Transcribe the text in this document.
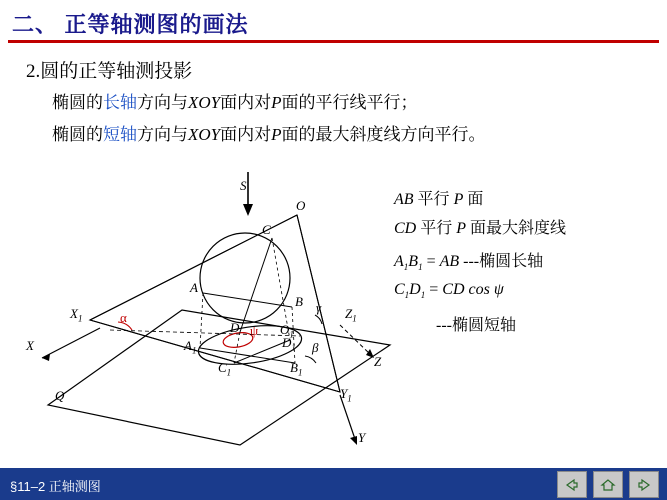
二、 正等轴测图的画法
2.圆的正等轴测投影
椭圆的长轴方向与XOY面内对P面的平行线平行；
椭圆的短轴方向与XOY面内对P面的最大斜度线方向平行。
AB 平行 P 面
CD 平行 P 面最大斜度线
$A_1B_1$ = AB ---椭圆长轴
$C_1D_1$ = CD cos ψ
---椭圆短轴
S
O
C
A
B
$X_1$	α
D ψ $O_1$
$Z_1$
γ
X	$A_1$
$D_1$
$B_1$
β
Z
$C_1$
$Y_1$
Q
Y
§11–2 正轴测图
